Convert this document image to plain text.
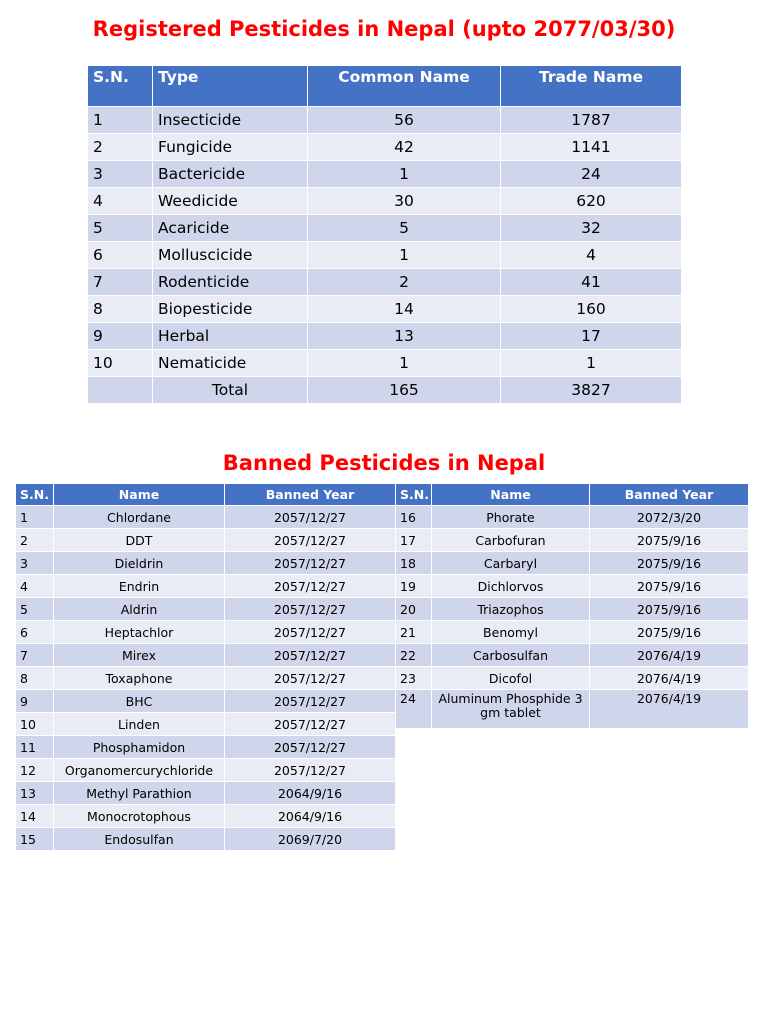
Registered Pesticides in Nepal (upto 2077/03/30)
S.N.	Type	Common Name	Trade Name
1	Insecticide	56	1787
2	Fungicide	42	1141
3	Bactericide	1	24
4	Weedicide	30	620
5	Acaricide	5	32
6	Molluscicide	1	4
7	Rodenticide	2	41
8	Biopesticide	14	160
9	Herbal	13	17
10	Nematicide	1	1
	Total	165	3827
Banned Pesticides in Nepal
S.N.	Name	Banned Year
1	Chlordane	2057/12/27
2	DDT	2057/12/27
3	Dieldrin	2057/12/27
4	Endrin	2057/12/27
5	Aldrin	2057/12/27
6	Heptachlor	2057/12/27
7	Mirex	2057/12/27
8	Toxaphone	2057/12/27
9	BHC	2057/12/27
10	Linden	2057/12/27
11	Phosphamidon	2057/12/27
12	Organomercurychloride	2057/12/27
13	Methyl Parathion	2064/9/16
14	Monocrotophous	2064/9/16
15	Endosulfan	2069/7/20
S.N.	Name	Banned Year
16	Phorate	2072/3/20
17	Carbofuran	2075/9/16
18	Carbaryl	2075/9/16
19	Dichlorvos	2075/9/16
20	Triazophos	2075/9/16
21	Benomyl	2075/9/16
22	Carbosulfan	2076/4/19
23	Dicofol	2076/4/19
24	Aluminum Phosphide 3 gm tablet	2076/4/19
